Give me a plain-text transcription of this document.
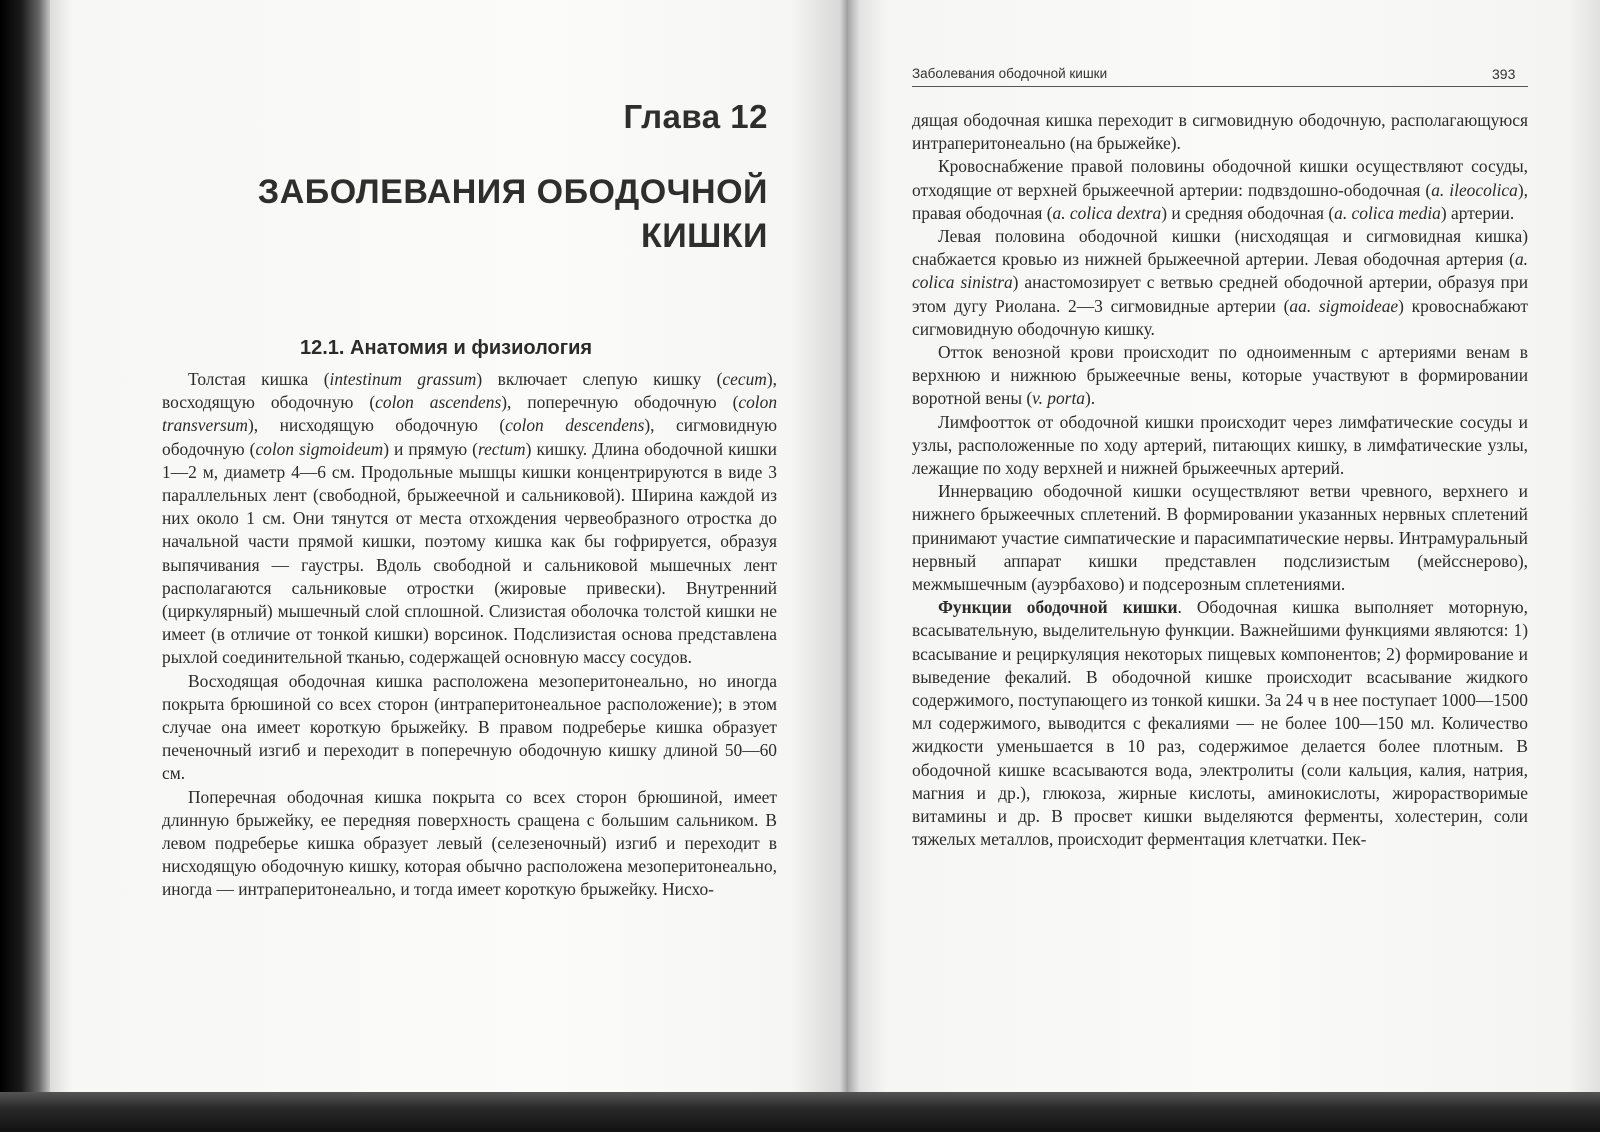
Глава 12
ЗАБОЛЕВАНИЯ ОБОДОЧНОЙ
КИШКИ
12.1. Анатомия и физиология

Толстая кишка (intestinum grassum) включает слепую кишку (cecum), восходящую ободочную (colon ascendens), поперечную ободочную (colon transversum), нисходящую ободочную (colon descendens), сигмовидную ободочную (colon sigmoideum) и прямую (rectum) кишку. Длина ободочной кишки 1—2 м, диаметр 4—6 см. Продольные мышцы кишки концентрируются в виде 3 параллельных лент (свободной, брыжеечной и сальниковой). Ширина каждой из них около 1 см. Они тянутся от места отхождения червеобразного отростка до начальной части прямой кишки, поэтому кишка как бы гофрируется, образуя выпячивания — гаустры. Вдоль свободной и сальниковой мышечных лент располагаются сальниковые отростки (жировые привески). Внутренний (циркулярный) мышечный слой сплошной. Слизистая оболочка толстой кишки не имеет (в отличие от тонкой кишки) ворсинок. Подслизистая основа представлена рыхлой соединительной тканью, содержащей основную массу сосудов.

Восходящая ободочная кишка расположена мезоперитонеально, но иногда покрыта брюшиной со всех сторон (интраперитонеальное расположение); в этом случае она имеет короткую брыжейку. В правом подреберье кишка образует печеночный изгиб и переходит в поперечную ободочную кишку длиной 50—60 см.

Поперечная ободочная кишка покрыта со всех сторон брюшиной, имеет длинную брыжейку, ее передняя поверхность сращена с большим сальником. В левом подреберье кишка образует левый (селезеночный) изгиб и переходит в нисходящую ободочную кишку, которая обычно расположена мезоперитонеально, иногда — интраперитонеально, и тогда имеет короткую брыжейку. Нисхо-

Заболевания ободочной кишки	393

дящая ободочная кишка переходит в сигмовидную ободочную, располагающуюся интраперитонеально (на брыжейке).

Кровоснабжение правой половины ободочной кишки осуществляют сосуды, отходящие от верхней брыжеечной артерии: подвздошно-ободочная (a. ileocolica), правая ободочная (a. colica dextra) и средняя ободочная (a. colica media) артерии.

Левая половина ободочной кишки (нисходящая и сигмовидная кишка) снабжается кровью из нижней брыжеечной артерии. Левая ободочная артерия (a. colica sinistra) анастомозирует с ветвью средней ободочной артерии, образуя при этом дугу Риолана. 2—3 сигмовидные артерии (aa. sigmoideae) кровоснабжают сигмовидную ободочную кишку.

Отток венозной крови происходит по одноименным с артериями венам в верхнюю и нижнюю брыжеечные вены, которые участвуют в формировании воротной вены (v. porta).

Лимфоотток от ободочной кишки происходит через лимфатические сосуды и узлы, расположенные по ходу артерий, питающих кишку, в лимфатические узлы, лежащие по ходу верхней и нижней брыжеечных артерий.

Иннервацию ободочной кишки осуществляют ветви чревного, верхнего и нижнего брыжеечных сплетений. В формировании указанных нервных сплетений принимают участие симпатические и парасимпатические нервы. Интрамуральный нервный аппарат кишки представлен подслизистым (мейсснерово), межмышечным (ауэрбахово) и подсерозным сплетениями.

Функции ободочной кишки. Ободочная кишка выполняет моторную, всасывательную, выделительную функции. Важнейшими функциями являются: 1) всасывание и рециркуляция некоторых пищевых компонентов; 2) формирование и выведение фекалий. В ободочной кишке происходит всасывание жидкого содержимого, поступающего из тонкой кишки. За 24 ч в нее поступает 1000—1500 мл содержимого, выводится с фекалиями — не более 100—150 мл. Количество жидкости уменьшается в 10 раз, содержимое делается более плотным. В ободочной кишке всасываются вода, электролиты (соли кальция, калия, натрия, магния и др.), глюкоза, жирные кислоты, аминокислоты, жирорастворимые витамины и др. В просвет кишки выделяются ферменты, холестерин, соли тяжелых металлов, происходит ферментация клетчатки. Пек-
